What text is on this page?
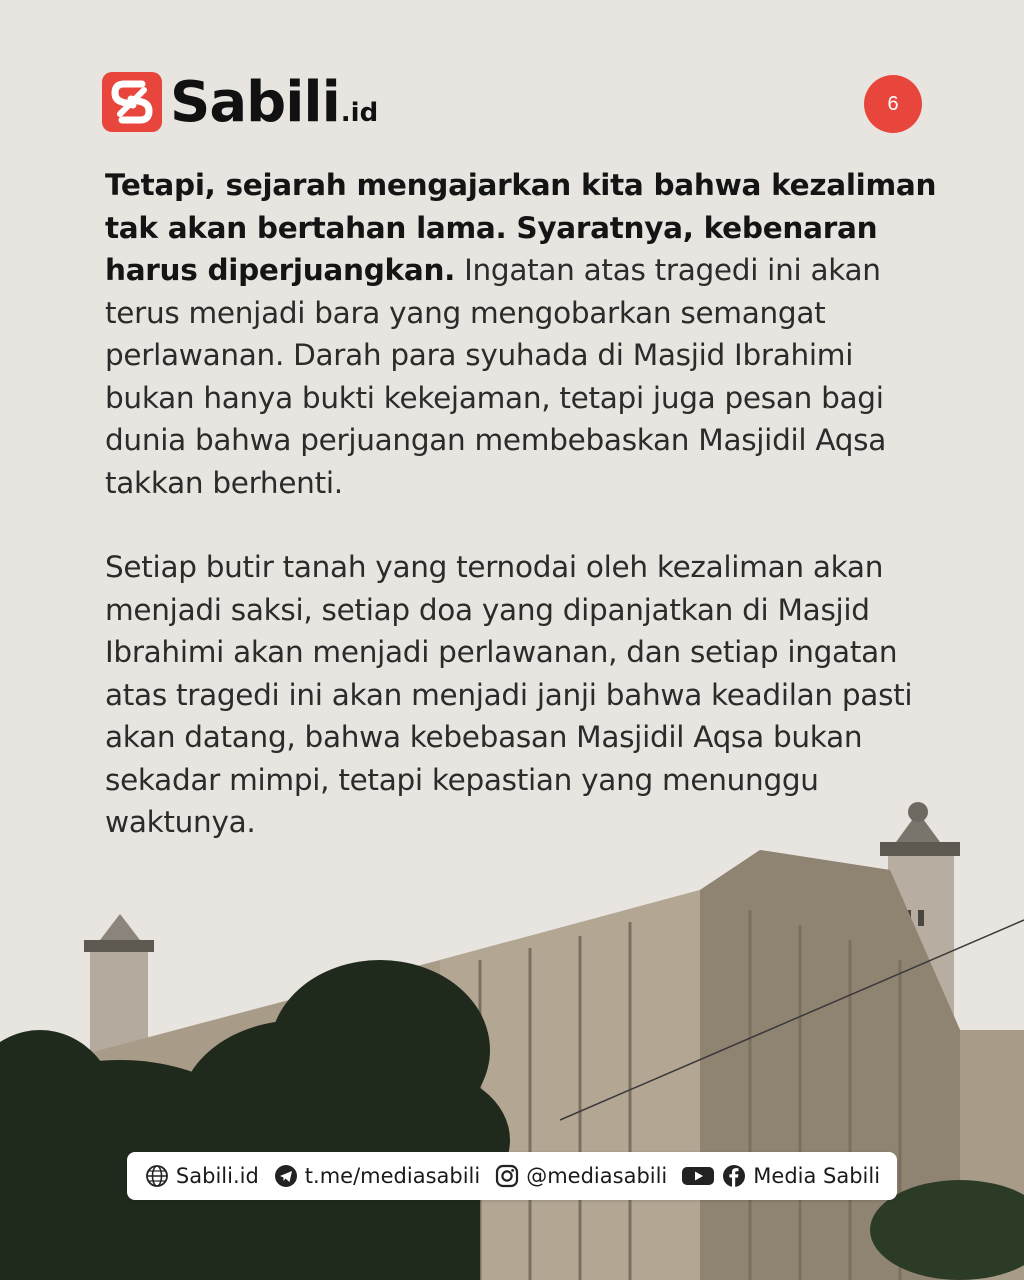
Sabili .id	6

Tetapi, sejarah mengajarkan kita bahwa kezaliman tak akan bertahan lama. Syaratnya, kebenaran harus diperjuangkan. Ingatan atas tragedi ini akan terus menjadi bara yang mengobarkan semangat perlawanan. Darah para syuhada di Masjid Ibrahimi bukan hanya bukti kekejaman, tetapi juga pesan bagi dunia bahwa perjuangan membebaskan Masjidil Aqsa takkan berhenti.

Setiap butir tanah yang ternodai oleh kezaliman akan menjadi saksi, setiap doa yang dipanjatkan di Masjid Ibrahimi akan menjadi perlawanan, dan setiap ingatan atas tragedi ini akan menjadi janji bahwa keadilan pasti akan datang, bahwa kebebasan Masjidil Aqsa bukan sekadar mimpi, tetapi kepastian yang menunggu waktunya.

Sabili.id t.me/mediasabili @mediasabili	Media Sabili
